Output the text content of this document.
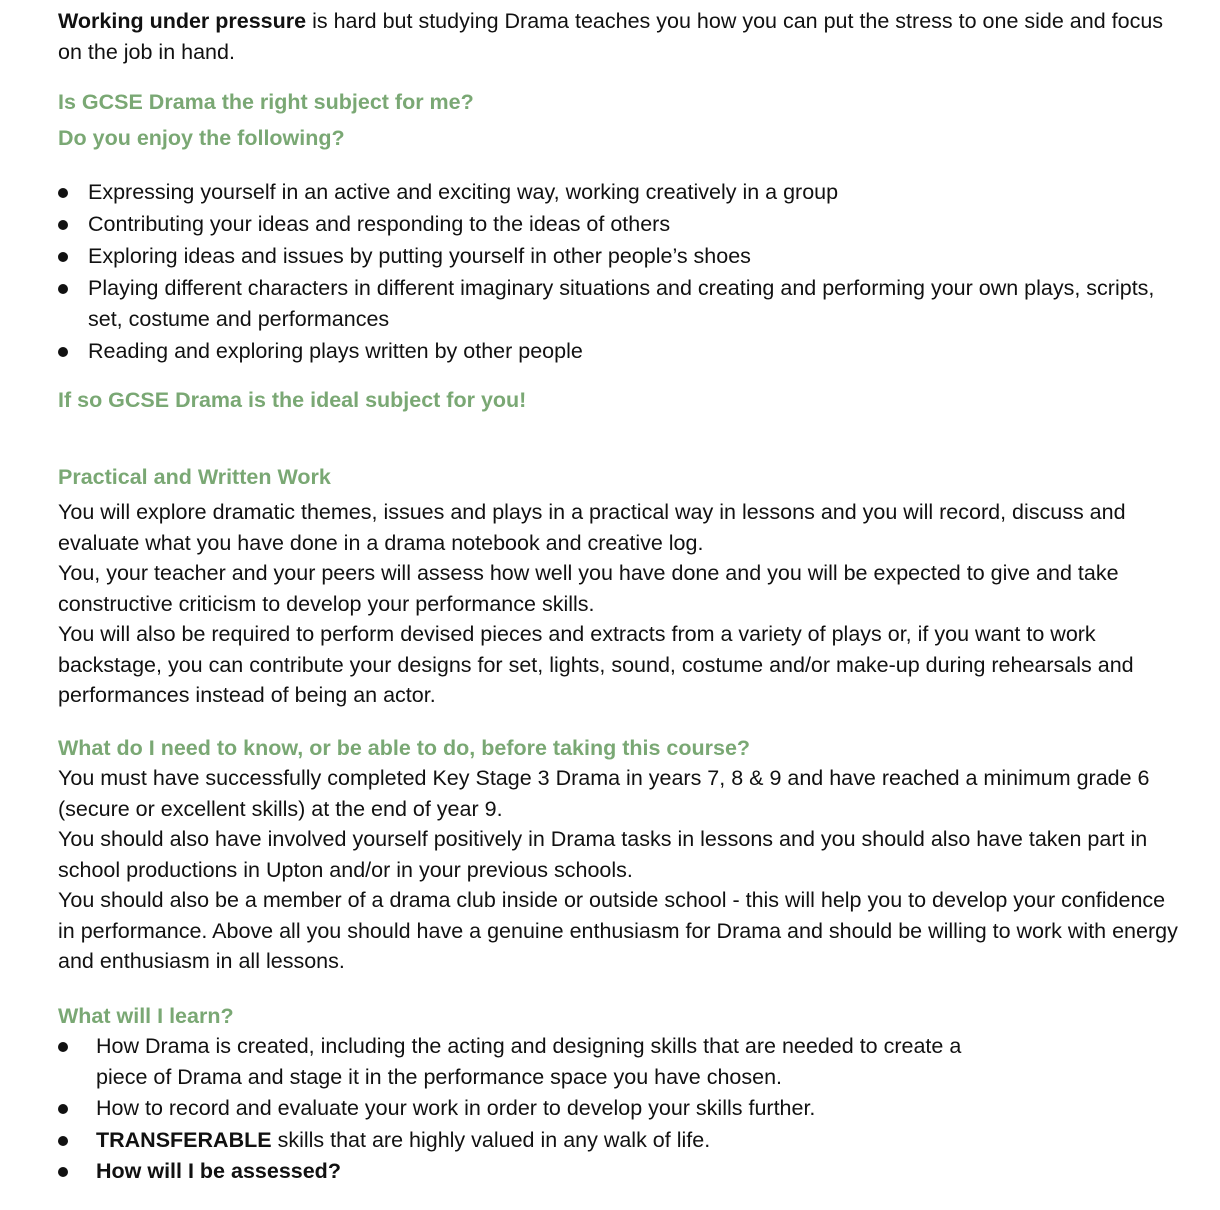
Working under pressure is hard but studying Drama teaches you how you can put the stress to one side and focus on the job in hand.

Is GCSE Drama the right subject for me?
Do you enjoy the following?
Expressing yourself in an active and exciting way, working creatively in a group
Contributing your ideas and responding to the ideas of others
Exploring ideas and issues by putting yourself in other people’s shoes
Playing different characters in different imaginary situations and creating and performing your own plays, scripts, set, costume and performances
Reading and exploring plays written by other people
If so GCSE Drama is the ideal subject for you!
Practical and Written Work

You will explore dramatic themes, issues and plays in a practical way in lessons and you will record, discuss and evaluate what you have done in a drama notebook and creative log.

You, your teacher and your peers will assess how well you have done and you will be expected to give and take constructive criticism to develop your performance skills.

You will also be required to perform devised pieces and extracts from a variety of plays or, if you want to work backstage, you can contribute your designs for set, lights, sound, costume and/or make-up during rehearsals and performances instead of being an actor.

What do I need to know, or be able to do, before taking this course?

You must have successfully completed Key Stage 3 Drama in years 7, 8 & 9 and have reached a minimum grade 6 (secure or excellent skills) at the end of year 9.

You should also have involved yourself positively in Drama tasks in lessons and you should also have taken part in school productions in Upton and/or in your previous schools.

You should also be a member of a drama club inside or outside school - this will help you to develop your confidence in performance. Above all you should have a genuine enthusiasm for Drama and should be willing to work with energy and enthusiasm in all lessons.

What will I learn?
How Drama is created, including the acting and designing skills that are needed to create a
piece of Drama and stage it in the performance space you have chosen.
How to record and evaluate your work in order to develop your skills further.
TRANSFERABLE skills that are highly valued in any walk of life.
How will I be assessed?
